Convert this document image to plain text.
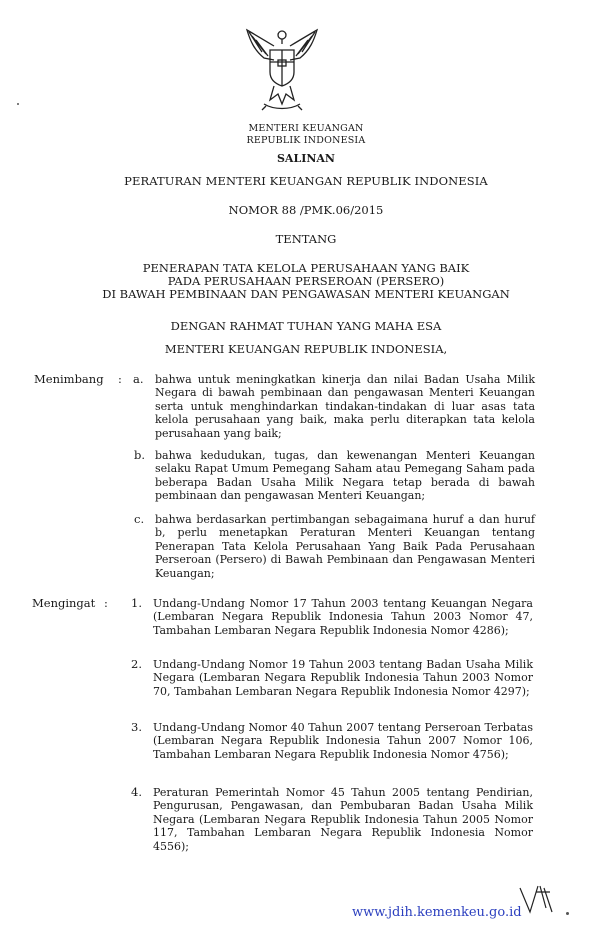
MENTERI KEUANGAN
REPUBLIK INDONESIA
SALINAN
PERATURAN MENTERI KEUANGAN REPUBLIK INDONESIA
NOMOR 88 /PMK.06/2015
TENTANG
PENERAPAN TATA KELOLA PERUSAHAAN YANG BAIK
PADA PERUSAHAAN PERSEROAN (PERSERO)
DI BAWAH PEMBINAAN DAN PENGAWASAN MENTERI KEUANGAN
DENGAN RAHMAT TUHAN YANG MAHA ESA
MENTERI KEUANGAN REPUBLIK INDONESIA,
Menimbang : a. bahwa untuk meningkatkan kinerja dan nilai Badan Usaha Milik Negara di bawah pembinaan dan pengawasan Menteri Keuangan serta untuk menghindarkan tindakan-tindakan di luar asas tata kelola perusahaan yang baik, maka perlu diterapkan tata kelola perusahaan yang baik;
b. bahwa kedudukan, tugas, dan kewenangan Menteri Keuangan selaku Rapat Umum Pemegang Saham atau Pemegang Saham pada beberapa Badan Usaha Milik Negara tetap berada di bawah pembinaan dan pengawasan Menteri Keuangan;
c. bahwa berdasarkan pertimbangan sebagaimana huruf a dan huruf b, perlu menetapkan Peraturan Menteri Keuangan tentang Penerapan Tata Kelola Perusahaan Yang Baik Pada Perusahaan Perseroan (Persero) di Bawah Pembinaan dan Pengawasan Menteri Keuangan;
Mengingat : 1. Undang-Undang Nomor 17 Tahun 2003 tentang Keuangan Negara (Lembaran Negara Republik Indonesia Tahun 2003 Nomor 47, Tambahan Lembaran Negara Republik Indonesia Nomor 4286);
2. Undang-Undang Nomor 19 Tahun 2003 tentang Badan Usaha Milik Negara (Lembaran Negara Republik Indonesia Tahun 2003 Nomor 70, Tambahan Lembaran Negara Republik Indonesia Nomor 4297);
3. Undang-Undang Nomor 40 Tahun 2007 tentang Perseroan Terbatas (Lembaran Negara Republik Indonesia Tahun 2007 Nomor 106, Tambahan Lembaran Negara Republik Indonesia Nomor 4756);
4. Peraturan Pemerintah Nomor 45 Tahun 2005 tentang Pendirian, Pengurusan, Pengawasan, dan Pembubaran Badan Usaha Milik Negara (Lembaran Negara Republik Indonesia Tahun 2005 Nomor 117, Tambahan Lembaran Negara Republik Indonesia Nomor 4556);
www.jdih.kemenkeu.go.id
